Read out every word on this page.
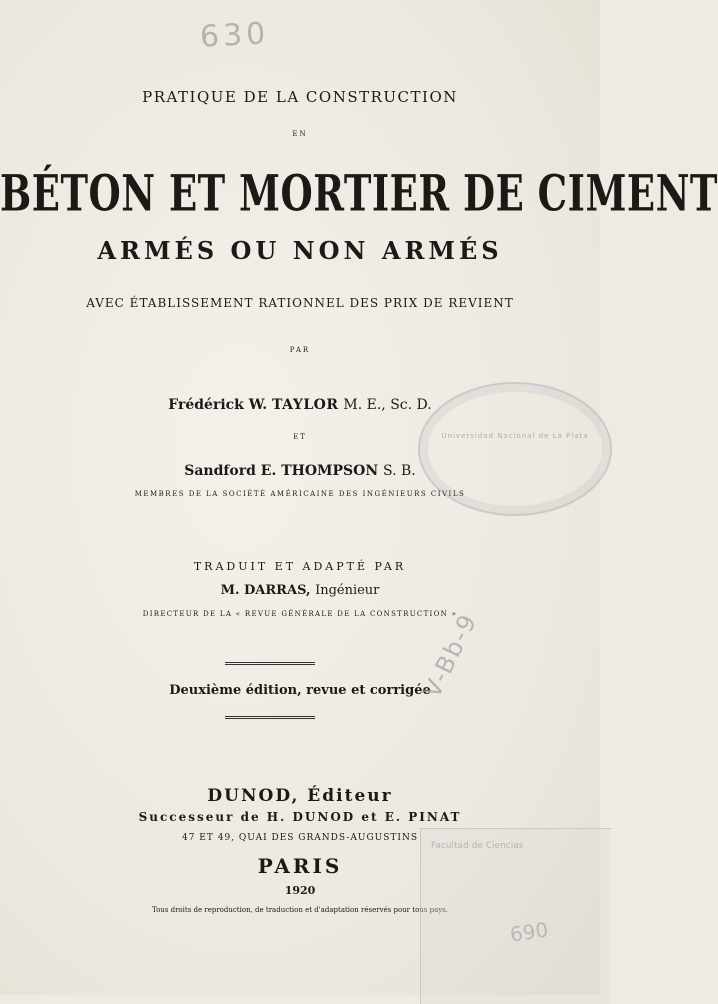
630
PRATIQUE DE LA CONSTRUCTION
EN
BÉTON ET MORTIER DE CIMENT
ARMÉS OU NON ARMÉS
AVEC ÉTABLISSEMENT RATIONNEL DES PRIX DE REVIENT
PAR
Frédérick W. TAYLOR M. E., Sc. D.
ET
Sandford E. THOMPSON S. B.
MEMBRES DE LA SOCIÉTÉ AMÉRICAINE DES INGÉNIEURS CIVILS
TRADUIT ET ADAPTÉ PAR
M. DARRAS, Ingénieur
DIRECTEUR DE LA « REVUE GÉNÉRALE DE LA CONSTRUCTION »
Deuxième édition, revue et corrigée
DUNOD, Éditeur
Successeur de H. DUNOD et E. PINAT
47 ET 49, QUAI DES GRANDS-AUGUSTINS
PARIS
1920
Tous droits de reproduction, de traduction et d'adaptation réservés pour tous pays.
Universidad Nacional de La Plata
V-Bb-9
Facultad de Ciencias
690
